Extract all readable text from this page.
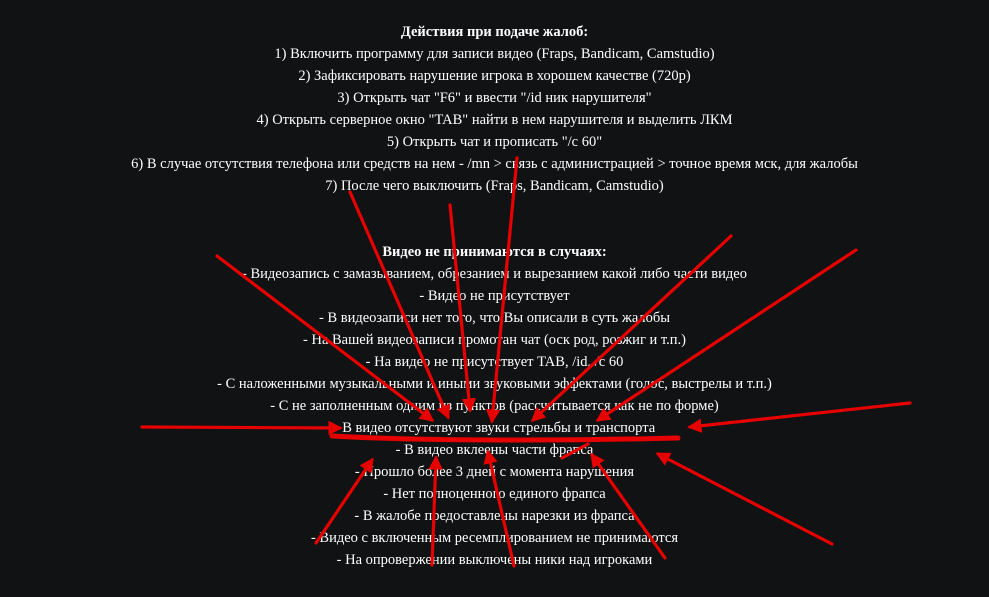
Действия при подаче жалоб:
1) Включить программу для записи видео (Fraps, Bandicam, Camstudio)
2) Зафиксировать нарушение игрока в хорошем качестве (720p)
3) Открыть чат "F6" и ввести "/id ник нарушителя"
4) Открыть серверное окно "TAB" найти в нем нарушителя и выделить ЛКМ
5) Открыть чат и прописать "/c 60"
6) В случае отсутствия телефона или средств на нем - /mn > связь с администрацией > точное время мск, для жалобы
7) После чего выключить (Fraps, Bandicam, Camstudio)
Видео не принимаются в случаях:
- Видеозапись с замазыванием, обрезанием и вырезанием какой либо части видео
- Видео не присутствует
- В видеозаписи нет того, что Вы описали в суть жалобы
- На Вашей видеозаписи промотан чат (оск род, розжиг и т.п.)
- На видео не присутствует TAB, /id, /c 60
- С наложенными музыкальными и иными звуковыми эффектами (голос, выстрелы и т.п.)
- С не заполненным одним из пунктов (рассчитывается как не по форме)
- В видео отсутствуют звуки стрельбы и транспорта
- В видео вклеены части фрапса
- Прошло более 3 дней с момента нарушения
- Нет полноценного единого фрапса
- В жалобе предоставлены нарезки из фрапса
- Видео с включенным ресемплированием не принимаются
- На опровержении выключены ники над игроками
